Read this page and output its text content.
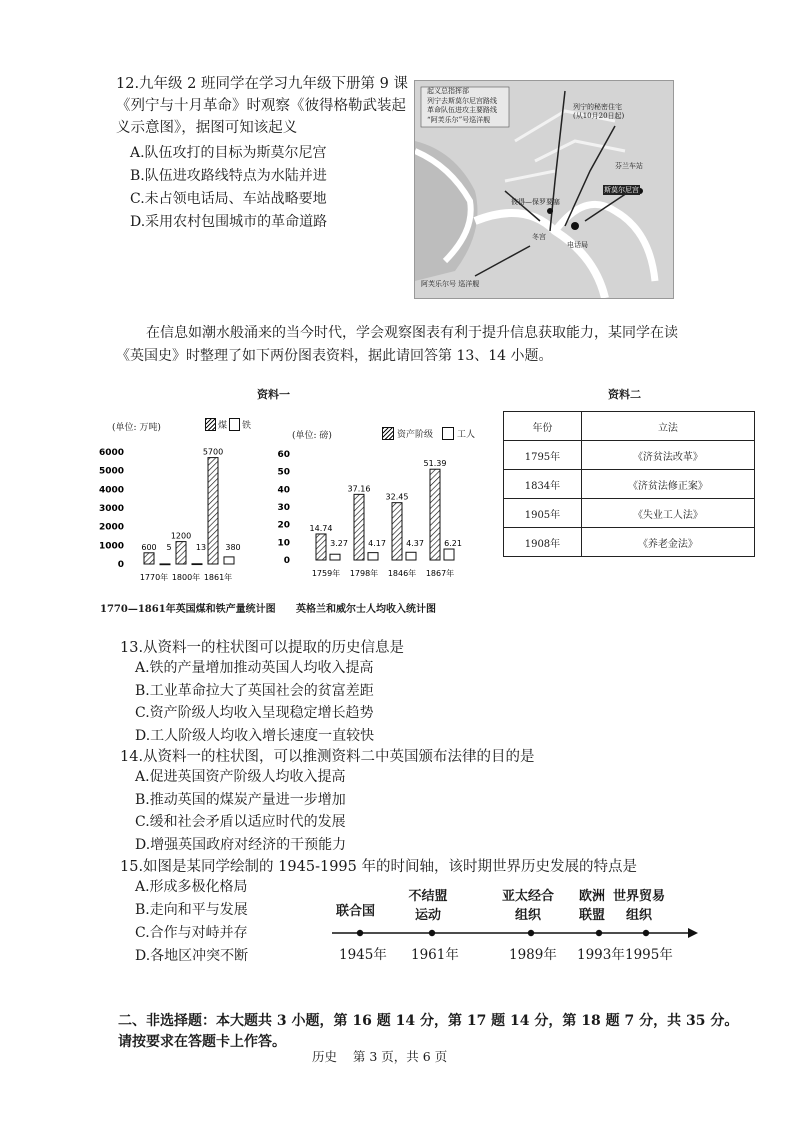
12.九年级 2 班同学在学习九年级下册第 9 课
《列宁与十月革命》时观察《彼得格勒武装起
义示意图》，据图可知该起义
A.队伍攻打的目标为斯莫尔尼宫
B.队伍进攻路线特点为水陆并进
C.未占领电话局、车站战略要地
D.采用农村包围城市的革命道路
起义总指挥部
列宁去斯莫尔尼宫路线
革命队伍进攻主要路线
“阿芙乐尔”号巡洋舰
列宁的秘密住宅
(从10月20日起)
芬兰车站
斯莫尔尼宫
彼得—保罗要塞
冬宫
电话局
阿芙乐尔号 巡洋舰
在信息如潮水般涌来的当今时代，学会观察图表有利于提升信息获取能力，某同学在读
《英国史》时整理了如下两份图表资料，据此请回答第 13、14 小题。
资料一
(单位: 万吨)	煤 铁
6000
5000
4000
3000
2000
1000
0
600 5
1770年
1200
13
1800年
5700
380
1861年
1770—1861年英国煤和铁产量统计图
(单位: 磅)	资产阶级	工人
60
50
40
30
20
10
0
14.74
3.27
1759年
37.16
4.17
1798年
32.45
4.37
1846年
51.39
6.21
1867年
英格兰和威尔士人均收入统计图
资料二
年份	立法
1795年	《济贫法改革》
1834年	《济贫法修正案》
1905年	《失业工人法》
1908年	《养老金法》
13.从资料一的柱状图可以提取的历史信息是
A.铁的产量增加推动英国人均收入提高
B.工业革命拉大了英国社会的贫富差距
C.资产阶级人均收入呈现稳定增长趋势
D.工人阶级人均收入增长速度一直较快
14.从资料一的柱状图，可以推测资料二中英国颁布法律的目的是
A.促进英国资产阶级人均收入提高
B.推动英国的煤炭产量进一步增加
C.缓和社会矛盾以适应时代的发展
D.增强英国政府对经济的干预能力
15.如图是某同学绘制的 1945-1995 年的时间轴，该时期世界历史发展的特点是
A.形成多极化格局
B.走向和平与发展
C.合作与对峙并存
D.各地区冲突不断
联合国
不结盟运动
亚太经合组织
欧洲联盟
世界贸易组织
1945年 1961年	1989年 1993年 1995年
二、非选择题：本大题共 3 小题，第 16 题 14 分，第 17 题 14 分，第 18 题 7 分，共 35 分。
请按要求在答题卡上作答。
历史    第 3 页，共 6 页
